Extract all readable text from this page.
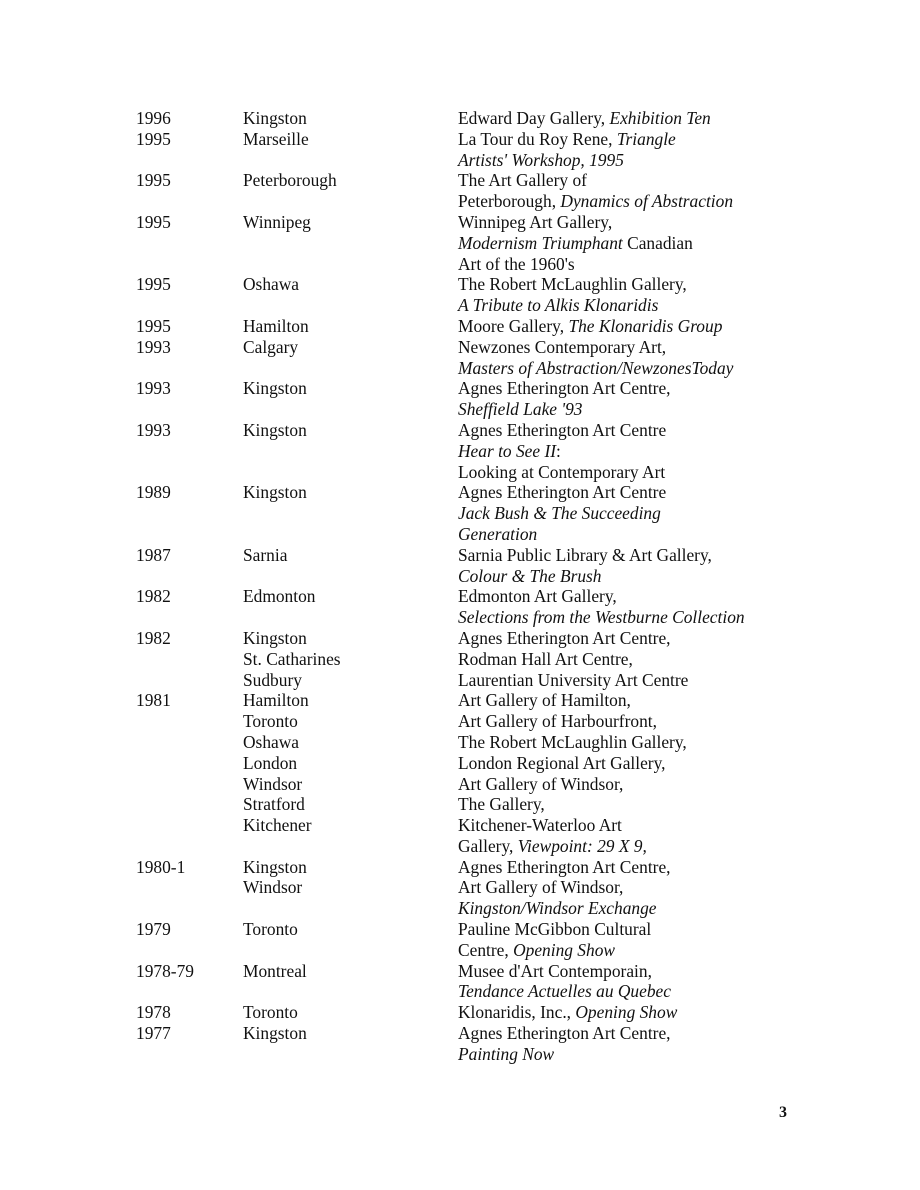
1996	Kingston	Edward Day Gallery, Exhibition Ten
1995	Marseille	La Tour du Roy Rene, Triangle
Artists' Workshop, 1995
1995	Peterborough	The Art Gallery of
Peterborough, Dynamics of Abstraction
1995	Winnipeg	Winnipeg Art Gallery,
Modernism Triumphant Canadian
Art of the 1960's
1995	Oshawa	The Robert McLaughlin Gallery,
A Tribute to Alkis Klonaridis
1995	Hamilton	Moore Gallery, The Klonaridis Group
1993	Calgary	Newzones Contemporary Art,
Masters of Abstraction/NewzonesToday
1993	Kingston	Agnes Etherington Art Centre,
Sheffield Lake '93
1993	Kingston	Agnes Etherington Art Centre
Hear to See II:
Looking at Contemporary Art
1989	Kingston	Agnes Etherington Art Centre
Jack Bush & The Succeeding
Generation
1987	Sarnia	Sarnia Public Library & Art Gallery,
Colour & The Brush
1982	Edmonton	Edmonton Art Gallery,
Selections from the Westburne Collection
1982	Kingston	Agnes Etherington Art Centre,
St. Catharines	Rodman Hall Art Centre,
Sudbury	Laurentian University Art Centre
1981	Hamilton	Art Gallery of Hamilton,
Toronto	Art Gallery of Harbourfront,
Oshawa	The Robert McLaughlin Gallery,
London	London Regional Art Gallery,
Windsor	Art Gallery of Windsor,
Stratford	The Gallery,
Kitchener	Kitchener-Waterloo Art
Gallery, Viewpoint: 29 X 9,
1980-1	Kingston	Agnes Etherington Art Centre,
Windsor	Art Gallery of Windsor,
Kingston/Windsor Exchange
1979	Toronto	Pauline McGibbon Cultural
Centre, Opening Show
1978-79	Montreal	Musee d'Art Contemporain,
Tendance Actuelles au Quebec
1978	Toronto	Klonaridis, Inc., Opening Show
1977	Kingston	Agnes Etherington Art Centre,
Painting Now
3
